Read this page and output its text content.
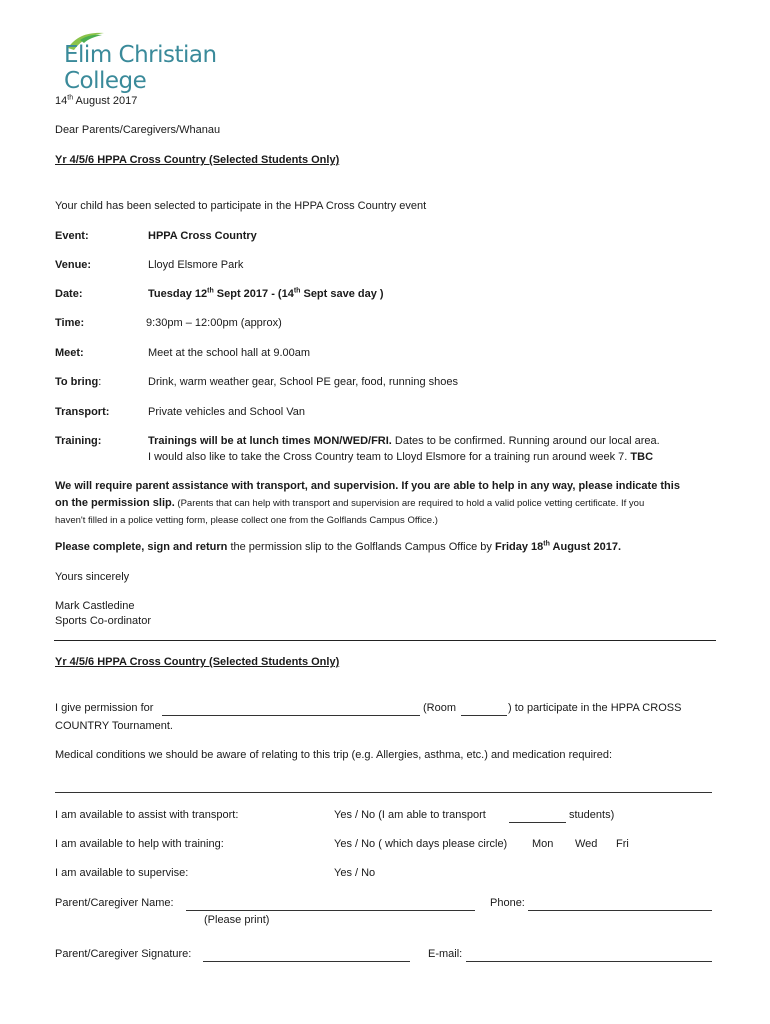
Elim Christian College
14th August 2017
Dear Parents/Caregivers/Whanau
Yr 4/5/6 HPPA Cross Country (Selected Students Only)
Your child has been selected to participate in the HPPA Cross Country event
Event:	HPPA Cross Country
Venue:	Lloyd Elsmore Park
Date:	Tuesday 12th Sept 2017 - (14th Sept save day )
Time:	9:30pm – 12:00pm (approx)
Meet:	Meet at the school hall at 9.00am
To bring:	Drink, warm weather gear, School PE gear, food, running shoes
Transport:	Private vehicles and School Van
Training:	Trainings will be at lunch times MON/WED/FRI. Dates to be confirmed. Running around our local area.
I would also like to take the Cross Country team to Lloyd Elsmore for a training run around week 7. TBC
We will require parent assistance with transport, and supervision. If you are able to help in any way, please indicate this
on the permission slip. (Parents that can help with transport and supervision are required to hold a valid police vetting certificate. If you
haven't filled in a police vetting form, please collect one from the Golflands Campus Office.)
Please complete, sign and return the permission slip to the Golflands Campus Office by Friday 18th August 2017.
Yours sincerely
Mark Castledine
Sports Co-ordinator
Yr 4/5/6 HPPA Cross Country (Selected Students Only)
I give permission for	(Room	) to participate in the HPPA CROSS
COUNTRY Tournament.
Medical conditions we should be aware of relating to this trip (e.g. Allergies, asthma, etc.) and medication required:
I am available to assist with transport:	Yes / No (I am able to transport	students)
I am available to help with training:	Yes / No ( which days please circle) Mon Wed Fri
I am available to supervise:	Yes / No
Parent/Caregiver Name:	Phone:
(Please print)
Parent/Caregiver Signature:	E-mail:
